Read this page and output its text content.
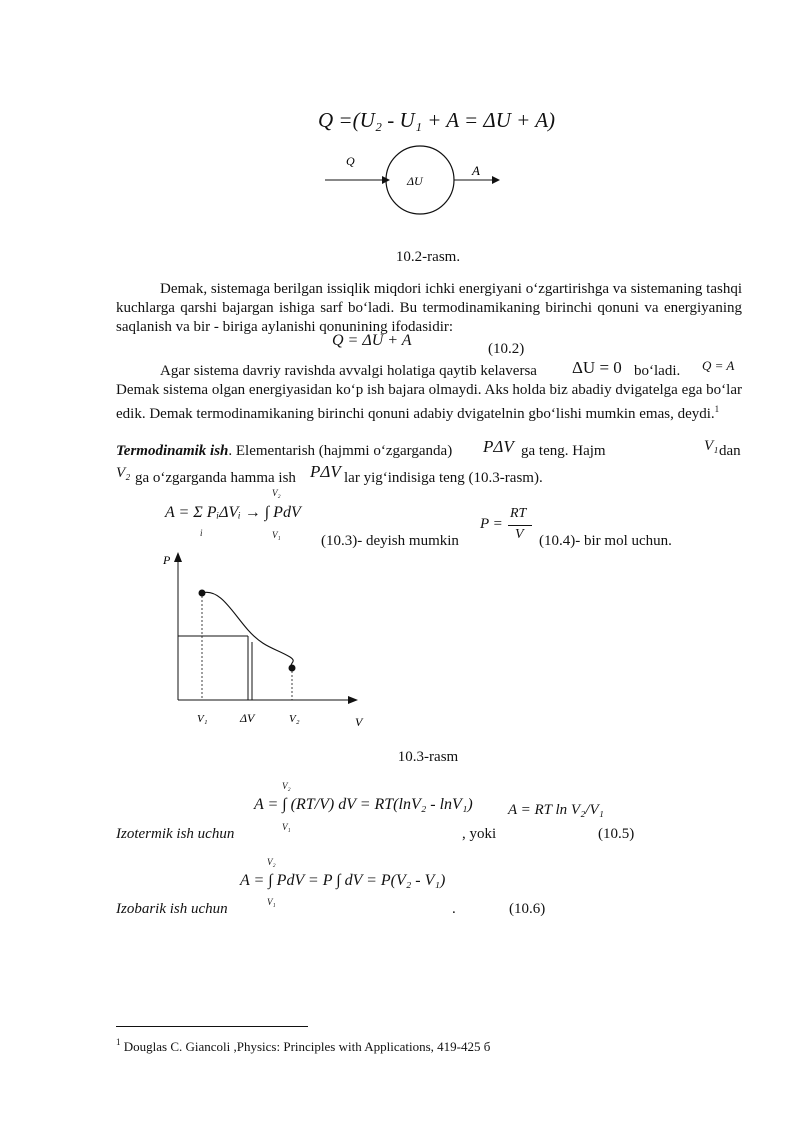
Q =(U₂ - U₁ + A = ΔU + A)
Q
A
ΔU
10.2-rasm.
Demak, sistemaga berilgan issiqlik miqdori ichki energiyani o‘zgartirishga va sistemaning tashqi kuchlarga qarshi bajargan ishiga sarf bo‘ladi. Bu termodinamikaning birinchi qonuni va energiyaning saqlanish va bir - biriga aylanishi qonunining ifodasidir:
Q = ΔU + A	(10.2)
Agar sistema davriy ravishda avvalgi holatiga qaytib kelaversa ΔU = 0 bo‘ladi. Q = A
Demak sistema olgan energiyasidan ko‘p ish bajara olmaydi. Aks holda biz abadiy dvigatelga ega bo‘lar edik. Demak termodinamikaning birinchi qonuni adabiy dvigatelnin gbo‘lishi mumkin emas, deydi.$^1$
Termodinamik ish. Elementarish (hajmmi o‘zgarganda) PΔV ga teng. Hajm	V₁ dan
V₂ ga o‘zgarganda hamma ish PΔV lar yig‘indisiga teng (10.3-rasm).
A = Σ PᵢΔVᵢ → ∫ PdV
i
V₂
V₁	(10.3)- deyish mumkin
P =
RT
V (10.4)- bir mol uchun.
P
V
V₁	ΔV	V₂
10.3-rasm
V₂
A = ∫ (RT/V) dV = RT(lnV₂ - lnV₁)
V₁
Izotermik ish uchun	, yoki
A = RT ln V₂/V₁
(10.5)
V₂
A = ∫ PdV = P ∫ dV = P(V₂ - V₁)
V₁
Izobarik ish uchun	.	(10.6)
$^1$ Douglas C. Giancoli ,Physics: Principles with Applications, 419-425 б
